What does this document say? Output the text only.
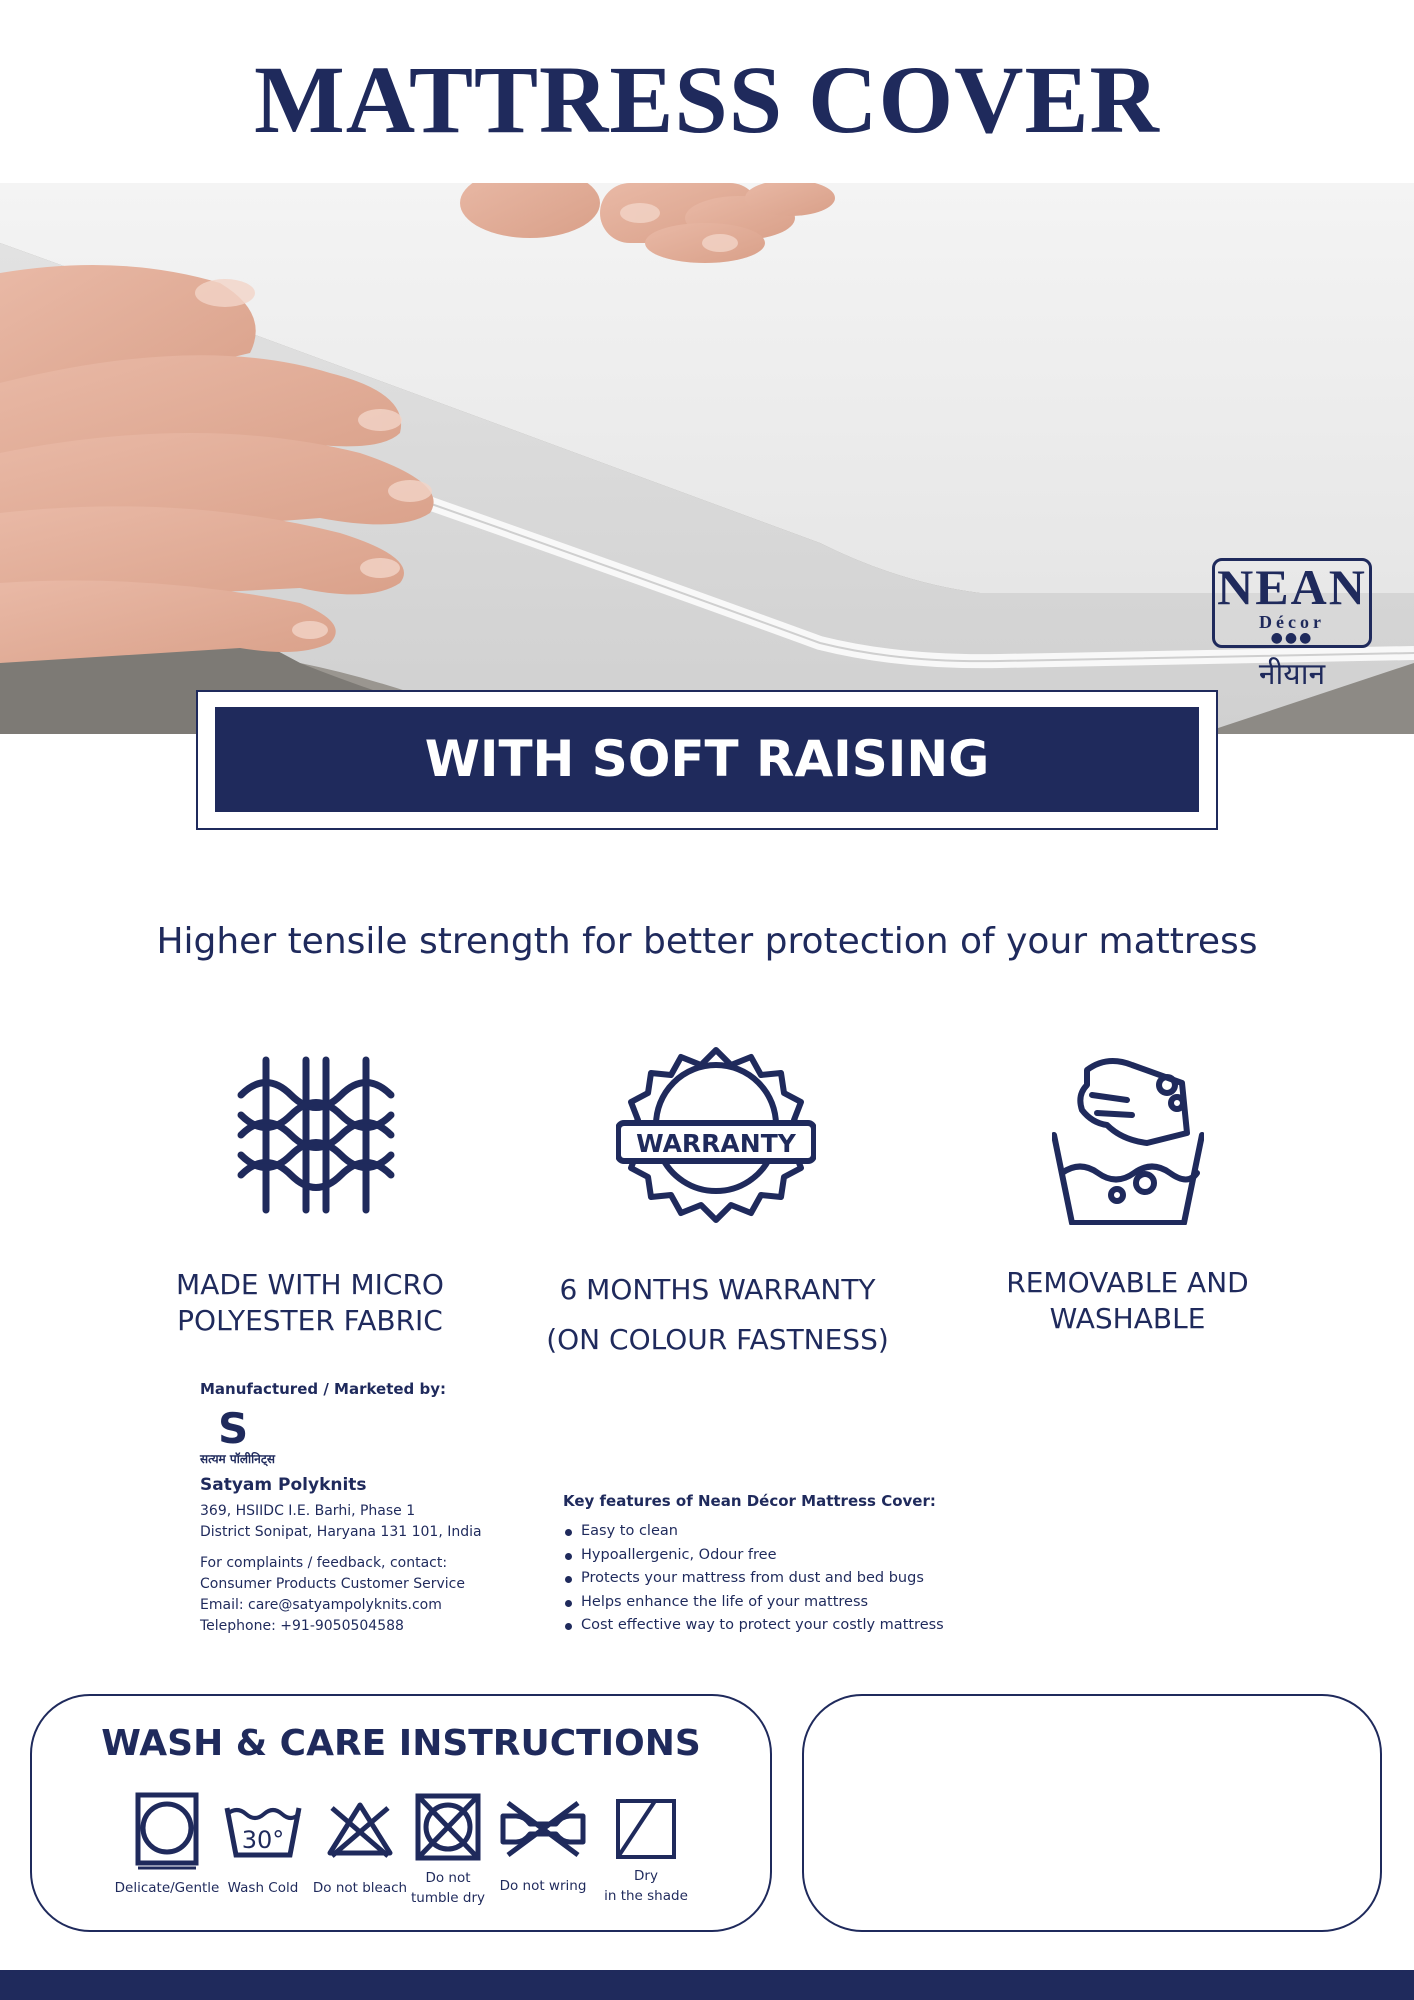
MATTRESS COVER
NEAN
Décor
●●●
नीयान
WITH SOFT RAISING
Higher tensile strength for better protection of your mattress
MADE WITH MICRO
POLYESTER FABRIC
WARRANTY
6 MONTHS WARRANTY
(ON COLOUR FASTNESS)
REMOVABLE AND WASHABLE
Manufactured / Marketed by:
S
सत्यम पॉलीनिट्स
Satyam Polyknits
369, HSIIDC I.E. Barhi, Phase 1
District Sonipat, Haryana 131 101, India
For complaints / feedback, contact:
Consumer Products Customer Service
Email: care@satyampolyknits.com
Telephone: +91-9050504588
Key features of Nean Décor Mattress Cover:
Easy to clean
Hypoallergenic, Odour free
Protects your mattress from dust and bed bugs
Helps enhance the life of your mattress
Cost effective way to protect your costly mattress
WASH & CARE INSTRUCTIONS
Delicate/Gentle
30°
Wash Cold	Do not bleach
Do not
tumble dry
Do not wring
Dry
in the shade
